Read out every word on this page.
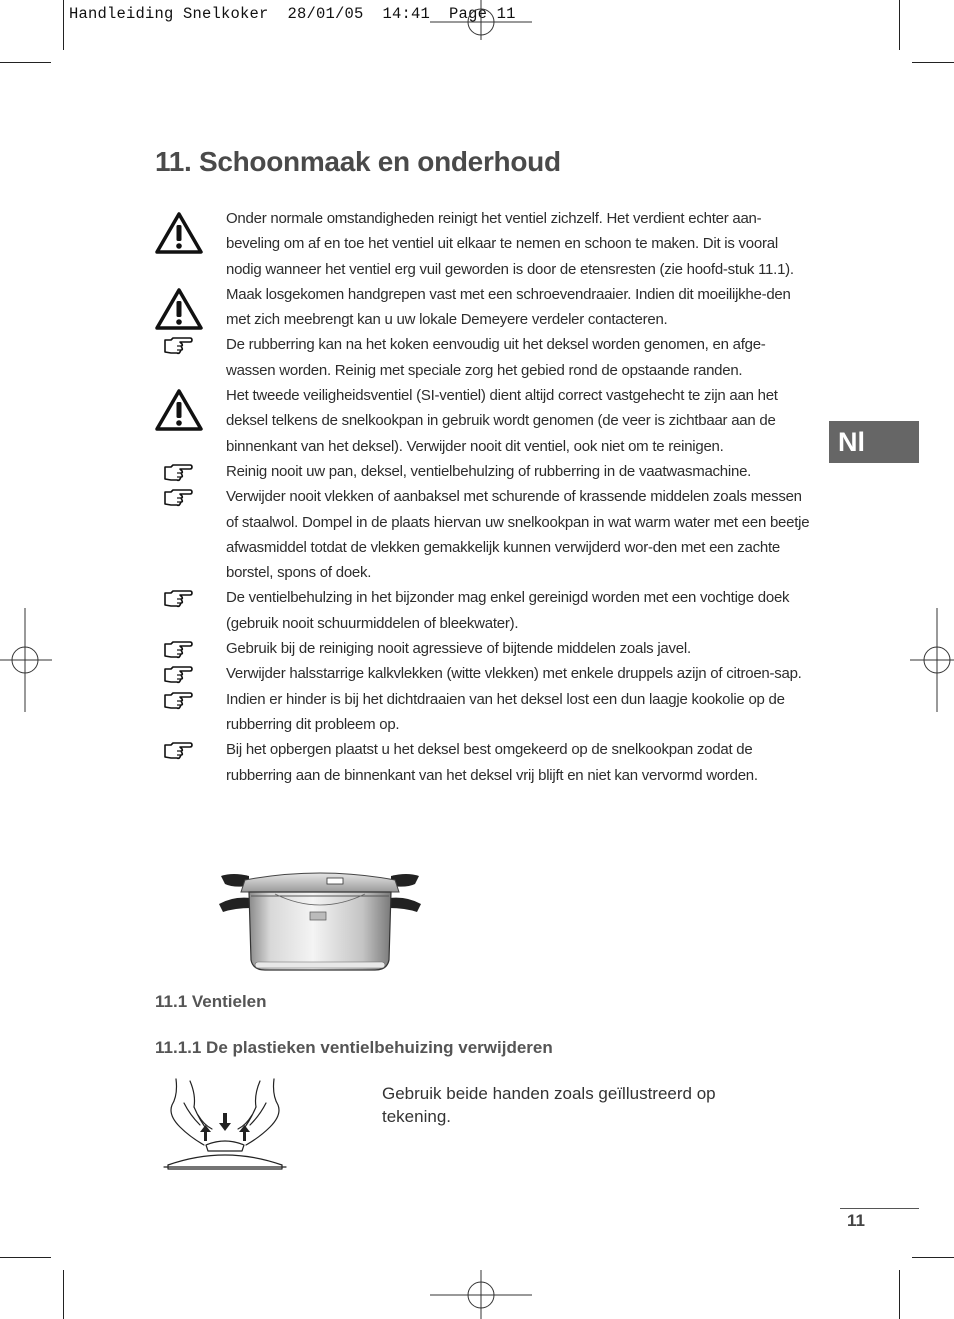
Handleiding Snelkoker  28/01/05  14:41  Page 11
11. Schoonmaak en onderhoud
Nl

Onder normale omstandigheden reinigt het ventiel zichzelf. Het verdient echter aan-beveling om af en toe het ventiel uit elkaar te nemen en schoon te maken. Dit is vooral nodig wanneer het ventiel erg vuil geworden is door de etensresten (zie hoofd-stuk 11.1).

Maak losgekomen handgrepen vast met een schroevendraaier. Indien dit moeilijkhe-den met zich meebrengt kan u uw lokale Demeyere verdeler contacteren.

De rubberring kan na het koken eenvoudig uit het deksel worden genomen, en afge-wassen worden. Reinig met speciale zorg het gebied rond de opstaande randen.

Het tweede veiligheidsventiel (SI-ventiel) dient altijd correct vastgehecht te zijn aan het deksel telkens de snelkookpan in gebruik wordt genomen (de veer is zichtbaar aan de binnenkant van het deksel). Verwijder nooit dit ventiel, ook niet om te reinigen.

Reinig nooit uw pan, deksel, ventielbehulzing of rubberring in de vaatwasmachine.

Verwijder nooit vlekken of aanbaksel met schurende of krassende middelen zoals messen of staalwol. Dompel in de plaats hiervan uw snelkookpan in wat warm water met een beetje afwasmiddel totdat de vlekken gemakkelijk kunnen verwijderd wor-den met een zachte borstel, spons of doek.

De ventielbehulzing in het bijzonder mag enkel gereinigd worden met een vochtige doek (gebruik nooit schuurmiddelen of bleekwater).

Gebruik bij de reiniging nooit agressieve of bijtende middelen zoals javel.

Verwijder halsstarrige kalkvlekken (witte vlekken) met enkele druppels azijn of citroen-sap.

Indien er hinder is bij het dichtdraaien van het deksel lost een dun laagje kookolie op de rubberring dit probleem op.

Bij het opbergen plaatst u het deksel best omgekeerd op de snelkookpan zodat de rubberring aan de binnenkant van het deksel vrij blijft en niet kan vervormd worden.

11.1 Ventielen
11.1.1 De plastieken ventielbehuizing verwijderen
Gebruik beide handen zoals geïllustreerd op tekening.
11
